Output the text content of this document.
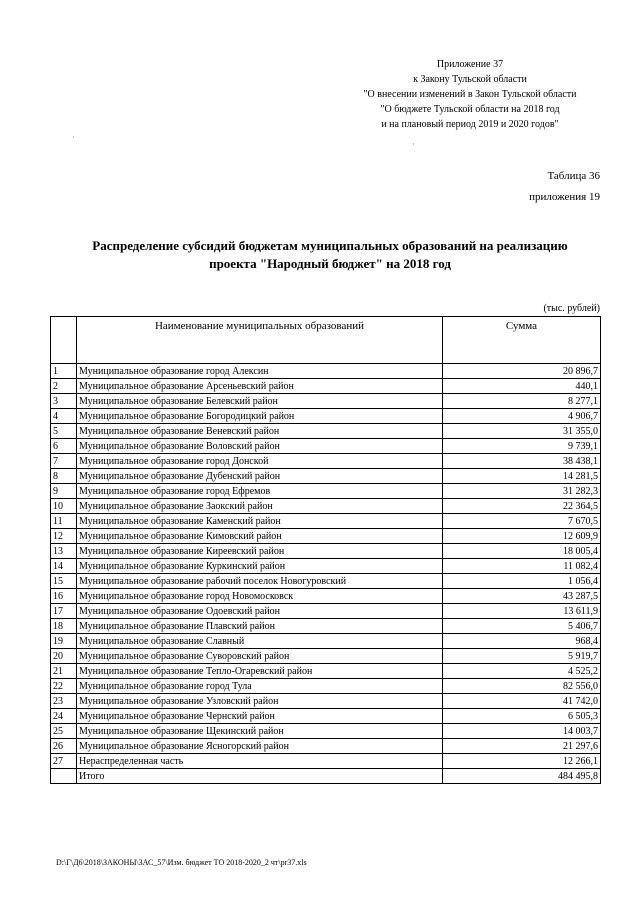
Приложение 37
к Закону Тульской области
"О внесении изменений в Закон Тульской области
"О бюджете Тульской области на 2018 год
и на плановый период 2019 и 2020 годов"
·
·
Таблица 36
приложения 19
Распределение субсидий бюджетам муниципальных образований на реализацию
проекта "Народный бюджет" на 2018 год
(тыс. рублей)
	Наименование муниципальных образований	Сумма
1	Муниципальное образование город Алексин	20 896,7
2	Муниципальное образование Арсеньевский район	440,1
3	Муниципальное образование Белевский район	8 277,1
4	Муниципальное образование Богородицкий район	4 906,7
5	Муниципальное образование Веневский район	31 355,0
6	Муниципальное образование Воловский район	9 739,1
7	Муниципальное образование город Донской	38 438,1
8	Муниципальное образование Дубенский район	14 281,5
9	Муниципальное образование город Ефремов	31 282,3
10	Муниципальное образование Заокский район	22 364,5
11	Муниципальное образование Каменский район	7 670,5
12	Муниципальное образование Кимовский район	12 609,9
13	Муниципальное образование Киреевский район	18 005,4
14	Муниципальное образование Куркинский район	11 082,4
15	Муниципальное образование рабочий поселок Новогуровский	1 056,4
16	Муниципальное образование город Новомосковск	43 287,5
17	Муниципальное образование Одоевский район	13 611,9
18	Муниципальное образование Плавский район	5 406,7
19	Муниципальное образование Славный	968,4
20	Муниципальное образование Суворовский район	5 919,7
21	Муниципальное образование Тепло-Огаревский район	4 525,2
22	Муниципальное образование город Тула	82 556,0
23	Муниципальное образование Узловский район	41 742,0
24	Муниципальное образование Чернский район	6 505,3
25	Муниципальное образование Щекинский район	14 003,7
26	Муниципальное образование Ясногорский район	21 297,6
27	Нераспределенная часть	12 266,1
	Итого	484 495,8
D:\Г\Д6\2018\ЗАКОНЫ\ЗАС_57\Изм. бюджет ТО 2018-2020_2 чт\pr37.xls
